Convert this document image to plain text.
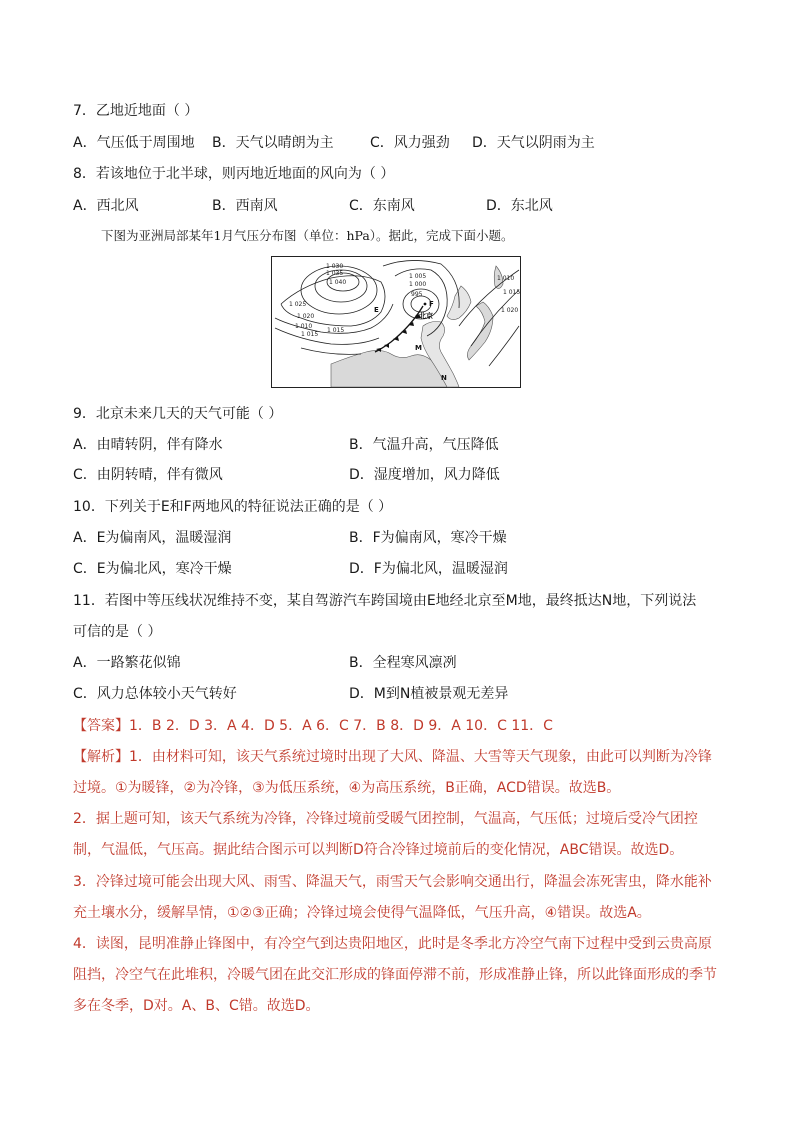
7．乙地近地面（ ）
A．气压低于周围地 B．天气以晴朗为主	C．风力强劲 D．天气以阴雨为主
8．若该地位于北半球，则丙地近地面的风向为（ ）
A．西北风	B．西南风	C．东南风	D．东北风
下图为亚洲局部某年1月气压分布图（单位：hPa）。据此，完成下面小题。
1 030
1 035
1 040
1 025
1 020
1 015
1 010
1 015
1 005
1 000
995
1 010
1 015
1 020
E
F
北京
M
N
9．北京未来几天的天气可能（ ）
A．由晴转阴，伴有降水	B．气温升高，气压降低
C．由阴转晴，伴有微风	D．湿度增加，风力降低
10．下列关于E和F两地风的特征说法正确的是（ ）
A．E为偏南风，温暖湿润	B．F为偏南风，寒冷干燥
C．E为偏北风，寒冷干燥	D．F为偏北风，温暖湿润
11．若图中等压线状况维持不变，某自驾游汽车跨国境由E地经北京至M地，最终抵达N地，下列说法
可信的是（ ）
A．一路繁花似锦	B．全程寒风凛冽
C．风力总体较小天气转好	D．M到N植被景观无差异
【答案】1．B 2．D 3．A 4．D 5．A 6．C 7．B 8．D 9．A 10．C 11．C
【解析】1．由材料可知，该天气系统过境时出现了大风、降温、大雪等天气现象，由此可以判断为冷锋
过境。①为暖锋，②为冷锋，③为低压系统，④为高压系统，B正确，ACD错误。故选B。
2．据上题可知，该天气系统为冷锋，冷锋过境前受暖气团控制，气温高，气压低；过境后受冷气团控
制，气温低，气压高。据此结合图示可以判断D符合冷锋过境前后的变化情况，ABC错误。故选D。
3．冷锋过境可能会出现大风、雨雪、降温天气，雨雪天气会影响交通出行，降温会冻死害虫，降水能补
充土壤水分，缓解旱情，①②③正确；冷锋过境会使得气温降低，气压升高，④错误。故选A。
4．读图，昆明准静止锋图中，有冷空气到达贵阳地区，此时是冬季北方冷空气南下过程中受到云贵高原
阻挡，冷空气在此堆积，冷暖气团在此交汇形成的锋面停滞不前，形成准静止锋，所以此锋面形成的季节
多在冬季，D对。A、B、C错。故选D。
